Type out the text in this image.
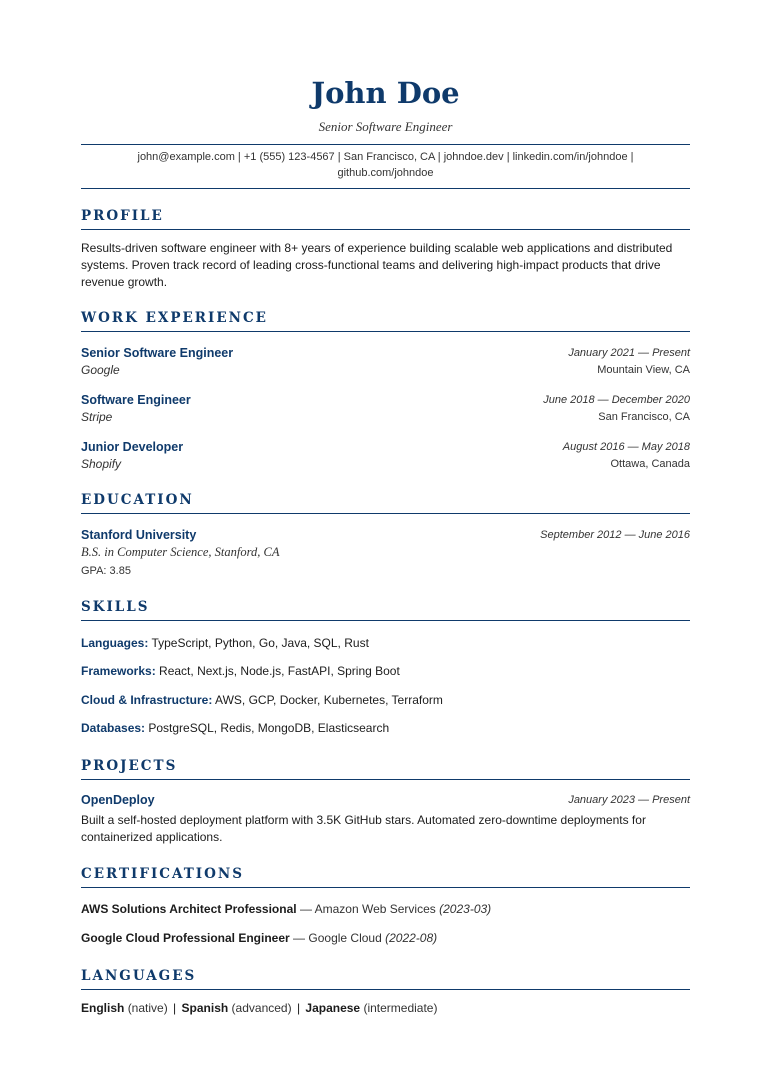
John Doe
Senior Software Engineer
john@example.com | +1 (555) 123-4567 | San Francisco, CA | johndoe.dev | linkedin.com/in/johndoe |
github.com/johndoe
PROFILE
Results-driven software engineer with 8+ years of experience building scalable web applications and distributed systems. Proven track record of leading cross-functional teams and delivering high-impact products that drive revenue growth.
WORK EXPERIENCE
Senior Software Engineer	January 2021 — Present
Google	Mountain View, CA
Software Engineer	June 2018 — December 2020
Stripe	San Francisco, CA
Junior Developer	August 2016 — May 2018
Shopify	Ottawa, Canada
EDUCATION
Stanford University	September 2012 — June 2016
B.S. in Computer Science, Stanford, CA
GPA: 3.85
SKILLS
Languages: TypeScript, Python, Go, Java, SQL, Rust
Frameworks: React, Next.js, Node.js, FastAPI, Spring Boot
Cloud & Infrastructure: AWS, GCP, Docker, Kubernetes, Terraform
Databases: PostgreSQL, Redis, MongoDB, Elasticsearch
PROJECTS
OpenDeploy	January 2023 — Present
Built a self-hosted deployment platform with 3.5K GitHub stars. Automated zero-downtime deployments for containerized applications.
CERTIFICATIONS
AWS Solutions Architect Professional — Amazon Web Services (2023-03)
Google Cloud Professional Engineer — Google Cloud (2022-08)
LANGUAGES
English (native) | Spanish (advanced) | Japanese (intermediate)
